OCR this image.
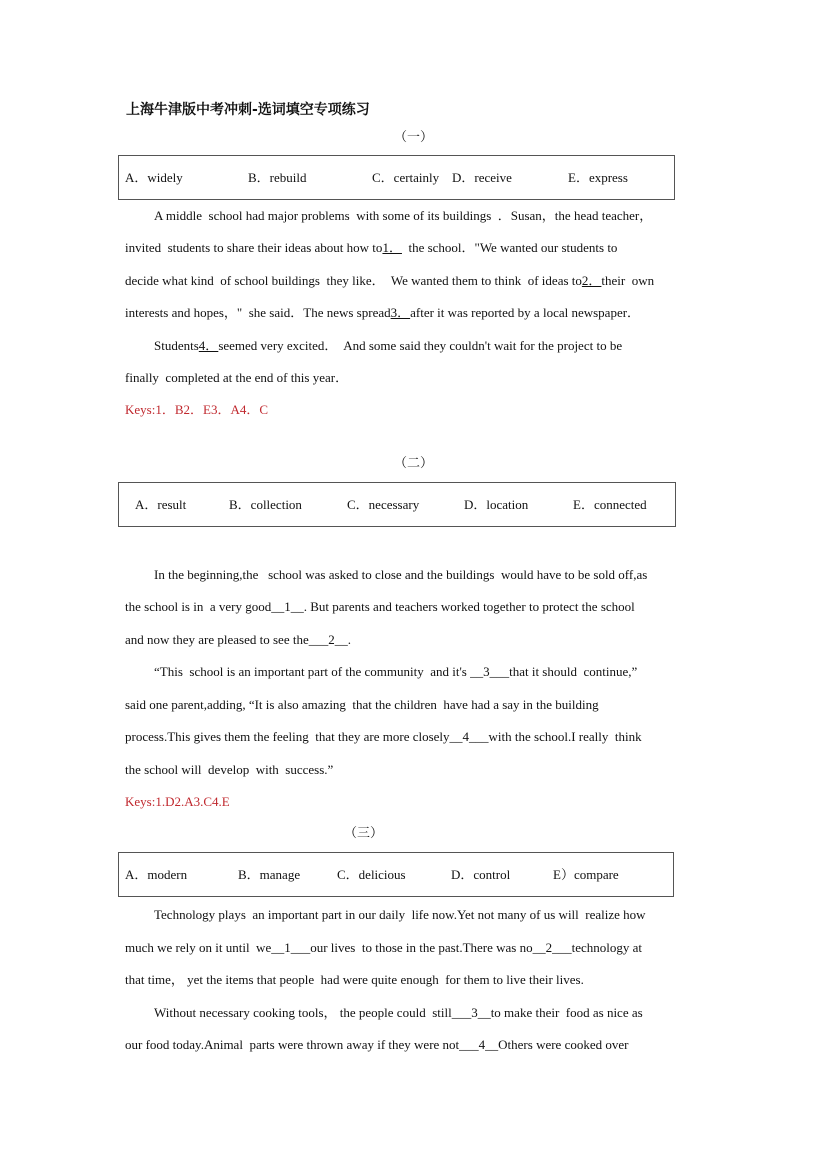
上海牛津版中考冲刺-选词填空专项练习
（一）
A．widely	B．rebuild	C．certainly D．receive	E．express
A middle  school had major problems  with some of its buildings  ．Susan，the head teacher，
invited  students to share their ideas about how to1．  the school．"We wanted our students to
decide what kind  of school buildings  they like．  We wanted them to think  of ideas to2．their  own
interests and hopes，"  she said．The news spread3．after it was reported by a local newspaper．
Students4．seemed very excited．  And some said they couldn't wait for the project to be
finally  completed at the end of this year．
Keys:1．B2．E3．A4．C
（二）
A．result	B．collection	C．necessary	D．location	E．connected
In the beginning,the   school was asked to close and the buildings  would have to be sold off,as
the school is in  a very good__1__. But parents and teachers worked together to protect the school
and now they are pleased to see the___2__.
“This  school is an important part of the community  and it's __3___that it should  continue,”
said one parent,adding, “It is also amazing  that the children  have had a say in the building
process.This gives them the feeling  that they are more closely__4___with the school.I really  think
the school will  develop  with  success.”
Keys:1.D2.A3.C4.E
（三）
A．modern	B．manage	C．delicious	D．control	E）compare
Technology plays  an important part in our daily  life now.Yet not many of us will  realize how
much we rely on it until  we__1___our lives  to those in the past.There was no__2___technology at
that time， yet the items that people  had were quite enough  for them to live their lives.
Without necessary cooking tools， the people could  still___3__to make their  food as nice as
our food today.Animal  parts were thrown away if they were not___4__Others were cooked over
